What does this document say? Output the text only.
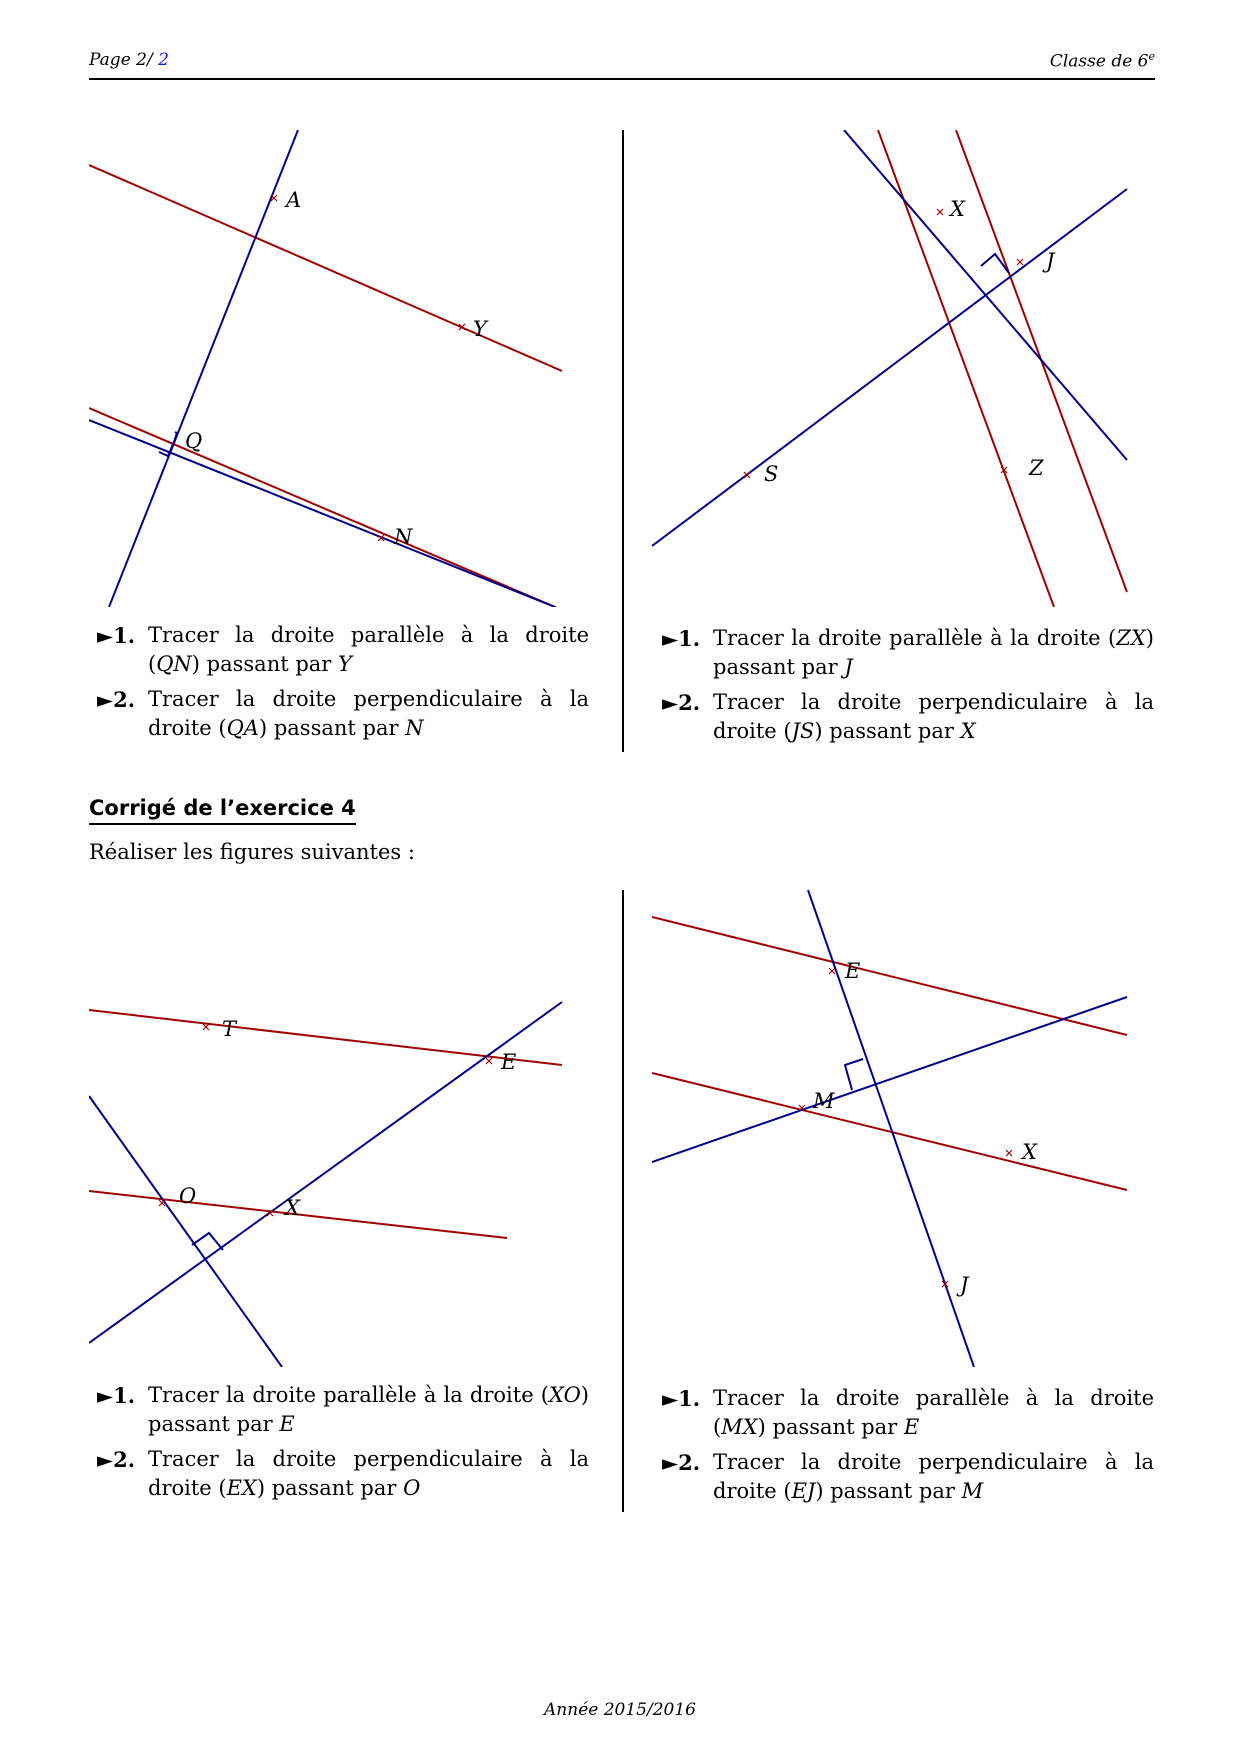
Page 2/ 2	Classe de 6e
A
Y
Q
N
X
J
Z
S
►1. Tracer la droite parallèle à la droite (QN) passant par Y
►2. Tracer la droite perpendiculaire à la droite (QA) passant par N
►1. Tracer la droite parallèle à la droite (ZX) passant par J
►2. Tracer la droite perpendiculaire à la droite (JS) passant par X
Corrigé de l’exercice 4
Réaliser les figures suivantes :
T
E
O	X
E
M
X
J
►1. Tracer la droite parallèle à la droite (XO) passant par E
►2. Tracer la droite perpendiculaire à la droite (EX) passant par O
►1. Tracer la droite parallèle à la droite (MX) passant par E
►2. Tracer la droite perpendiculaire à la droite (EJ) passant par M
Année 2015/2016
